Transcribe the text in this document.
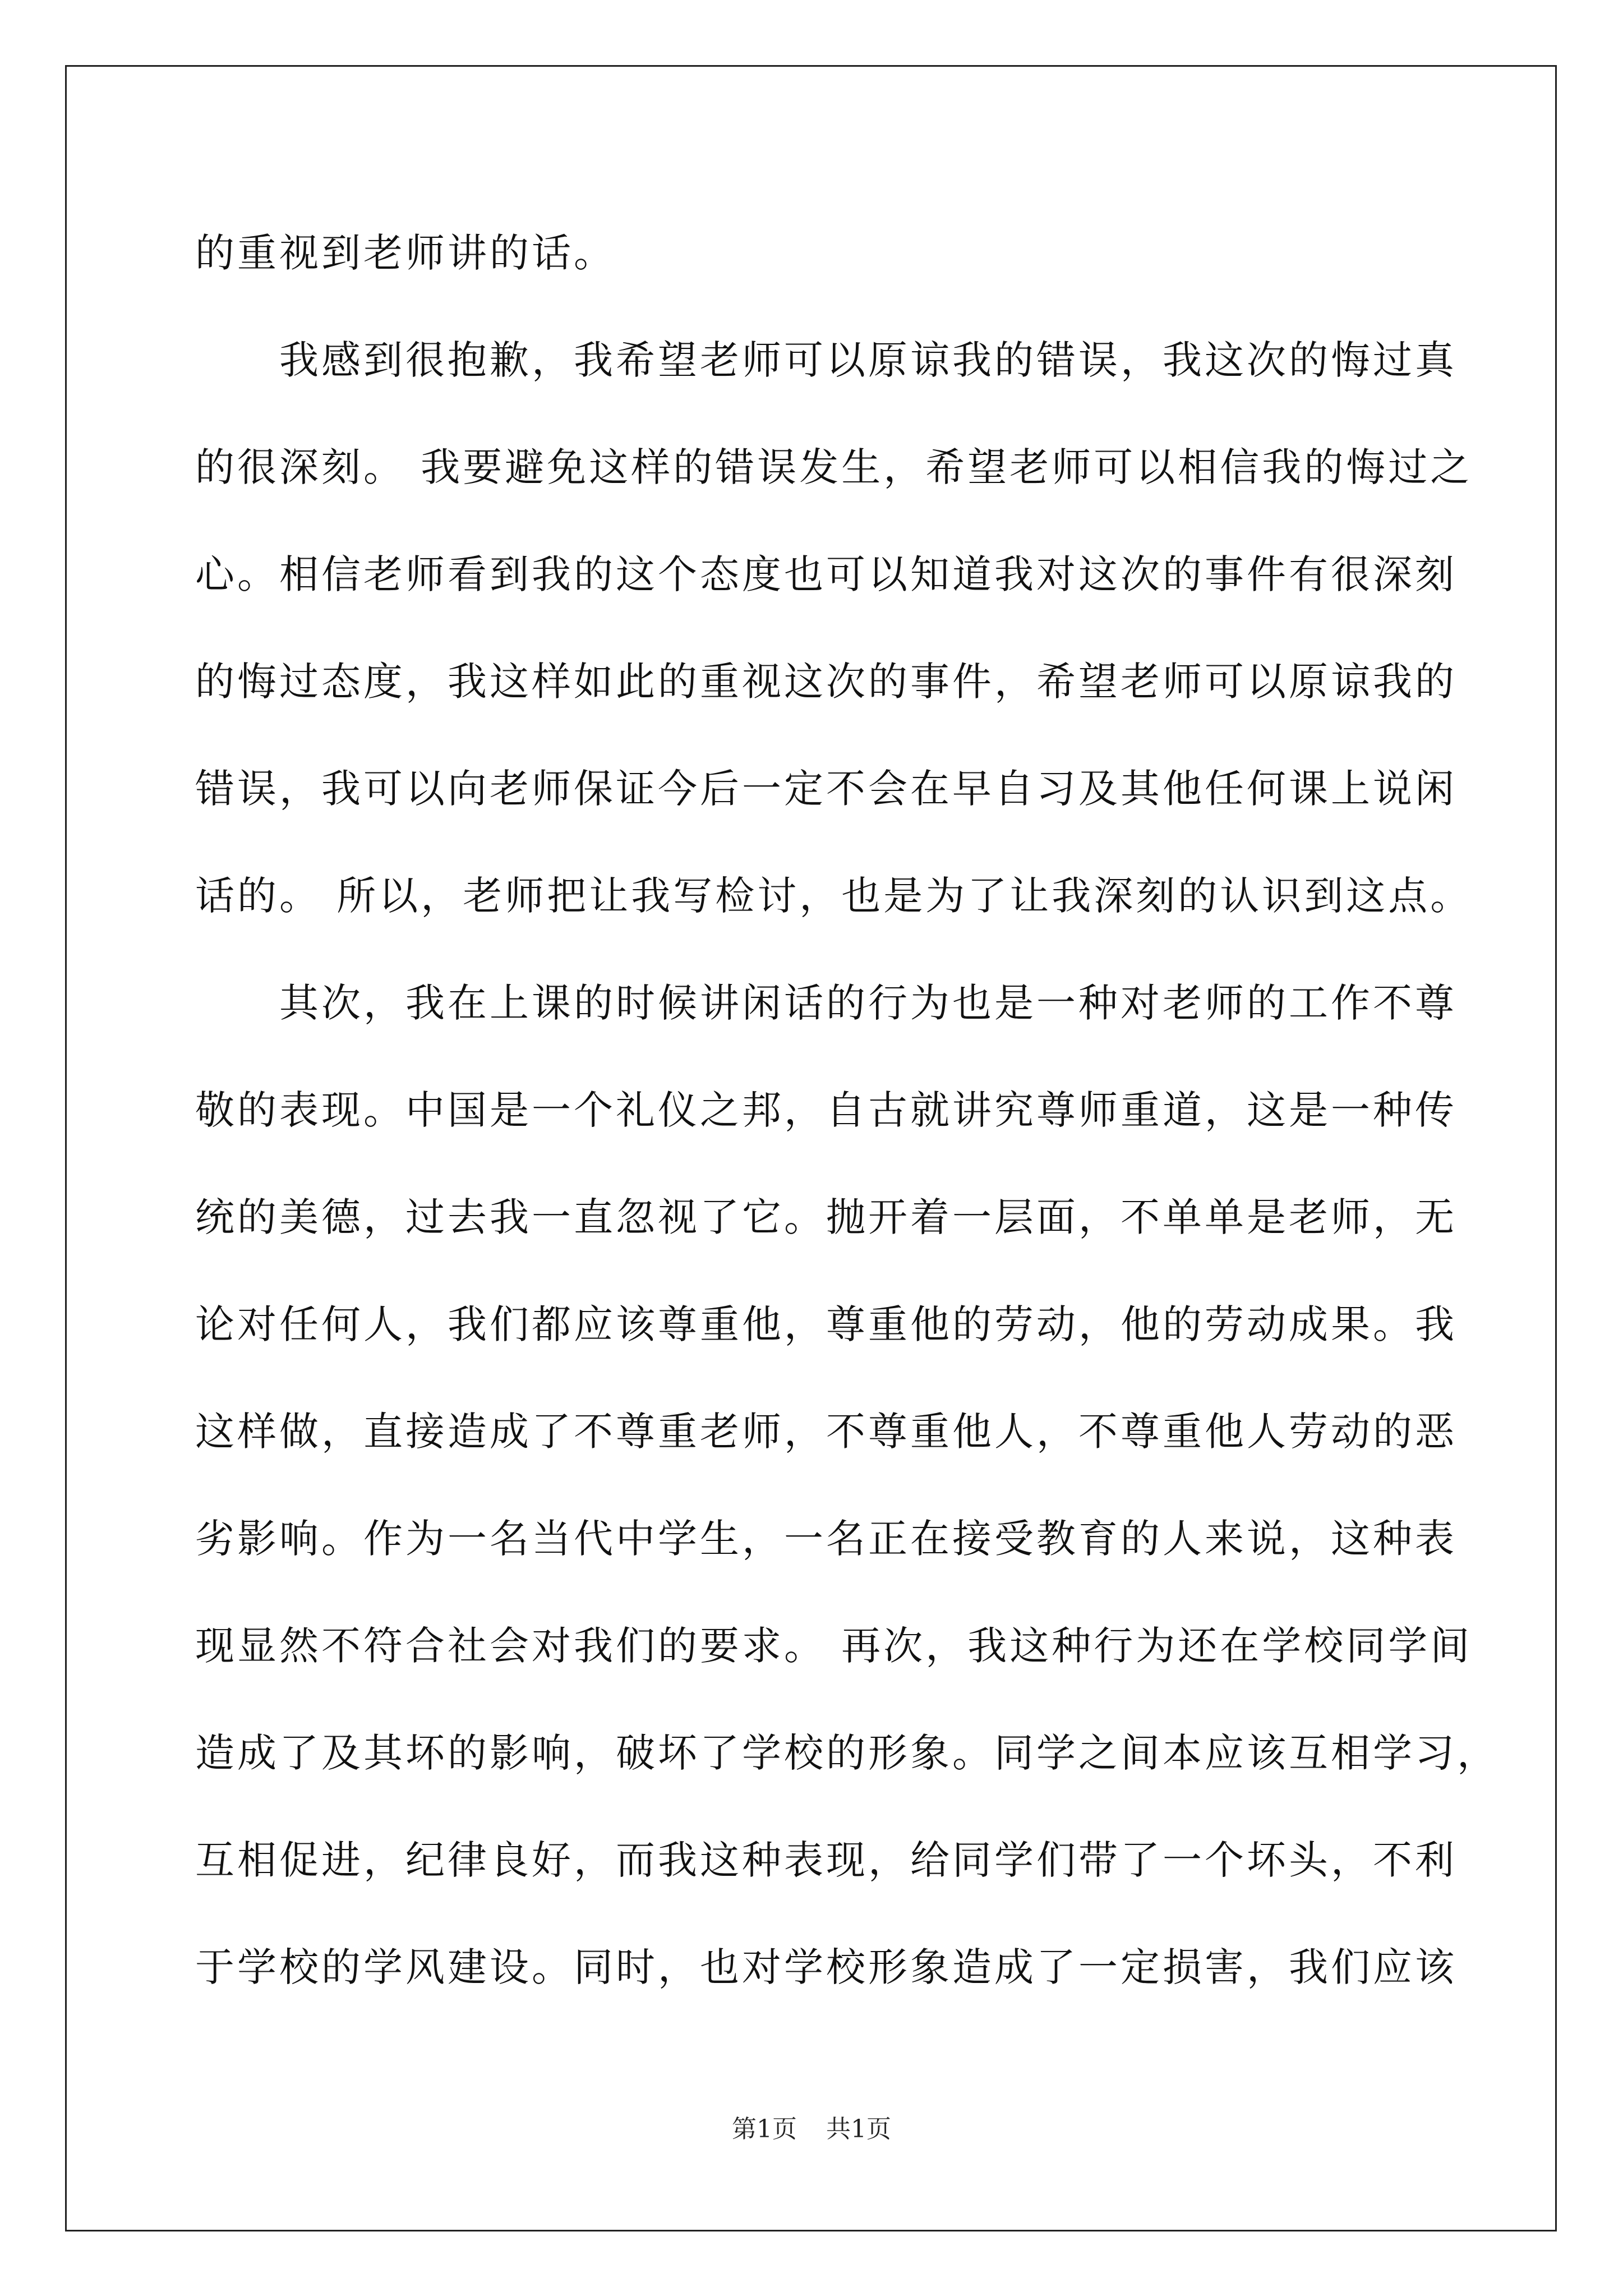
的重视到老师讲的话。
　　我感到很抱歉，我希望老师可以原谅我的错误，我这次的悔过真
的很深刻。 我要避免这样的错误发生，希望老师可以相信我的悔过之
心。相信老师看到我的这个态度也可以知道我对这次的事件有很深刻
的悔过态度，我这样如此的重视这次的事件，希望老师可以原谅我的
错误，我可以向老师保证今后一定不会在早自习及其他任何课上说闲
话的。 所以，老师把让我写检讨，也是为了让我深刻的认识到这点。
　　其次，我在上课的时候讲闲话的行为也是一种对老师的工作不尊
敬的表现。中国是一个礼仪之邦，自古就讲究尊师重道，这是一种传
统的美德，过去我一直忽视了它。抛开着一层面，不单单是老师，无
论对任何人，我们都应该尊重他，尊重他的劳动，他的劳动成果。我
这样做，直接造成了不尊重老师，不尊重他人，不尊重他人劳动的恶
劣影响。作为一名当代中学生，一名正在接受教育的人来说，这种表
现显然不符合社会对我们的要求。 再次，我这种行为还在学校同学间
造成了及其坏的影响，破坏了学校的形象。同学之间本应该互相学习，
互相促进，纪律良好，而我这种表现，给同学们带了一个坏头，不利
于学校的学风建设。同时，也对学校形象造成了一定损害，我们应该
第1页 共1页
